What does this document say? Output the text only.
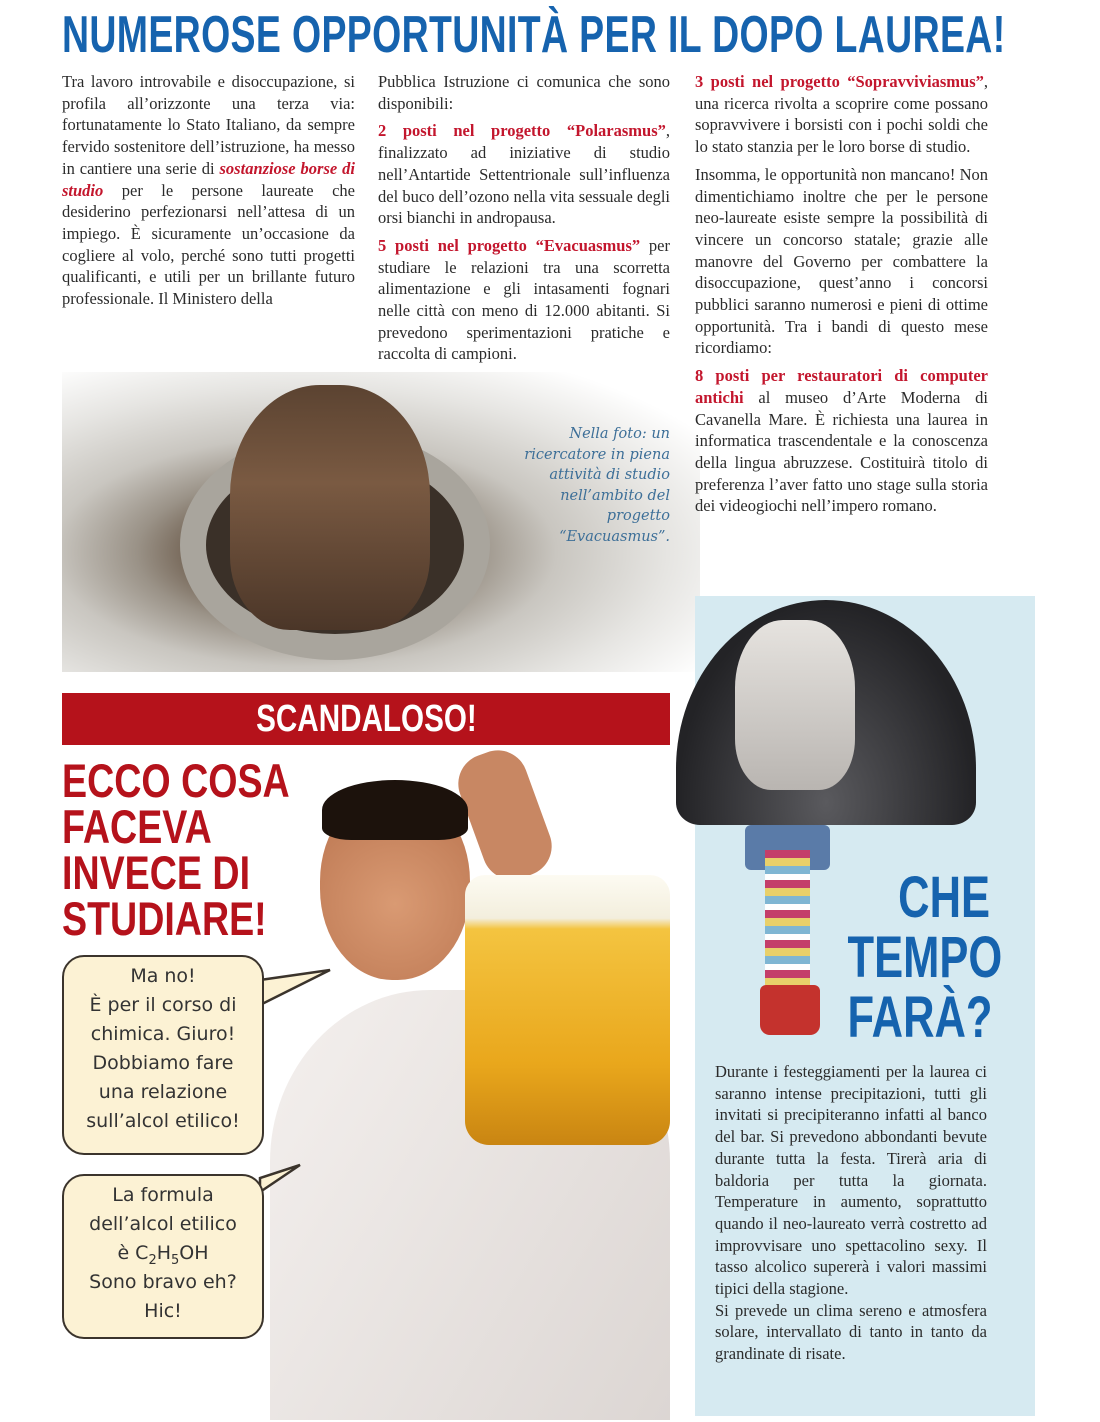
NUMEROSE OPPORTUNITÀ PER IL DOPO LAUREA!

Tra lavoro introvabile e disoccupazione, si profila all’orizzonte una terza via: fortunatamente lo Stato Italiano, da sempre fervido sostenitore dell’istruzione, ha messo in cantiere una serie di sostanziose borse di studio per le persone laureate che desiderino perfezionarsi nell’attesa di un impiego. È sicuramente un’occasione da cogliere al volo, perché sono tutti progetti qualificanti, e utili per un brillante futuro professionale. Il Ministero della

Pubblica Istruzione ci comunica che sono disponibili:

2 posti nel progetto “Polarasmus”, finalizzato ad iniziative di studio nell’Antartide Settentrionale sull’influenza del buco dell’ozono nella vita sessuale degli orsi bianchi in andropausa.

5 posti nel progetto “Evacuasmus” per studiare le relazioni tra una scorretta alimentazione e gli intasamenti fognari nelle città con meno di 12.000 abitanti. Si prevedono sperimentazioni pratiche e raccolta di campioni.

3 posti nel progetto “Sopravviviasmus”, una ricerca rivolta a scoprire come possano sopravvivere i borsisti con i pochi soldi che lo stato stanzia per le loro borse di studio.

Insomma, le opportunità non mancano! Non dimentichiamo inoltre che per le persone neo-laureate esiste sempre la possibilità di vincere un concorso statale; grazie alle manovre del Governo per combattere la disoccupazione, quest’anno i concorsi pubblici saranno numerosi e pieni di ottime opportunità. Tra i bandi di questo mese ricordiamo:

8 posti per restauratori di computer antichi al museo d’Arte Moderna di Cavanella Mare. È richiesta una laurea in informatica trascendentale e la conoscenza della lingua abruzzese. Costituirà titolo di preferenza l’aver fatto uno stage sulla storia dei videogiochi nell’impero romano.

Nella foto: un ricercatore in piena attività di studio nell’ambito del progetto “Evacuasmus”.
CHE
TEMPO
FARÀ?

Durante i festeggiamenti per la laurea ci saranno intense precipitazioni, tutti gli invitati si precipiteranno infatti al banco del bar. Si prevedono abbondanti bevute durante tutta la festa. Tirerà aria di baldoria per tutta la giornata. Temperature in aumento, soprattutto quando il neo-laureato verrà costretto ad improvvisare uno spettacolino sexy. Il tasso alcolico supererà i valori massimi tipici della stagione.

Si prevede un clima sereno e atmosfera solare, intervallato di tanto in tanto da grandinate di risate.

SCANDALOSO!
ECCO COSA
FACEVA
INVECE DI
STUDIARE!
Ma no!
È per il corso di
chimica. Giuro!
Dobbiamo fare
una relazione
sull’alcol etilico!
La formula
dell’alcol etilico
è $C_2H_5OH$
Sono bravo eh?
Hic!
